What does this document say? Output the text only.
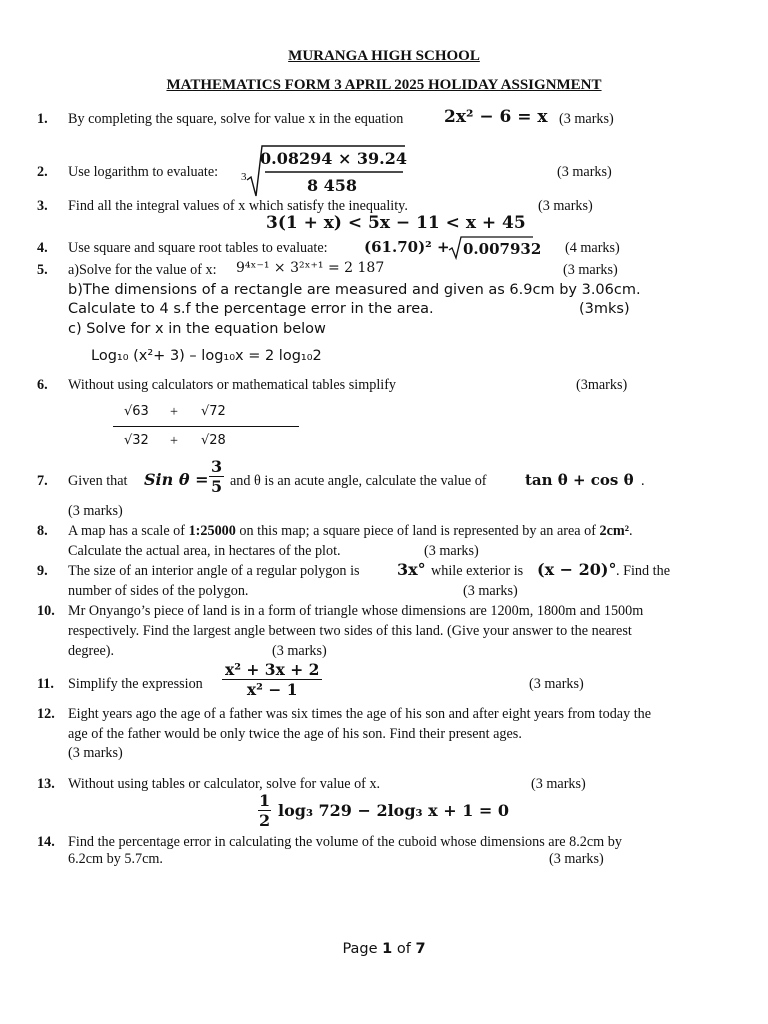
MURANGA HIGH SCHOOL
MATHEMATICS FORM 3 APRIL 2025 HOLIDAY ASSIGNMENT
1. By completing the square, solve for value x in the equation 2x² − 6 = x (3 marks)
2. Use logarithm to evaluate: 3
0.08294 × 39.24
8 458
(3 marks)
3. Find all the integral values of x which satisfy the inequality.	(3 marks)
3(1 + x) < 5x − 11 < x + 45
4. Use square and square root tables to evaluate: (61.70)² + 0.007932 (4 marks)
5. a)Solve for the value of x: 9⁴ˣ⁻¹ × 3²ˣ⁺¹ = 2 187	(3 marks)
b)The dimensions of a rectangle are measured and given as 6.9cm by 3.06cm.
Calculate to 4 s.f the percentage error in the area.	(3mks)
c) Solve for x in the equation below
Log₁₀ (x²+ 3) – log₁₀x = 2 log₁₀2
6. Without using calculators or mathematical tables simplify	(3marks)
√63 + √72
√32 + √28
7. Given that Sin $\theta = \frac{3}{5}$ and θ is an acute angle, calculate the value of	tan θ + cos θ .
(3 marks)
8. A map has a scale of 1:25000 on this map; a square piece of land is represented by an area of 2cm².
Calculate the actual area, in hectares of the plot.	(3 marks)
9. The size of an interior angle of a regular polygon is 3x° while exterior is (x − 20)° . Find the
number of sides of the polygon.	(3 marks)
10. Mr Onyango’s piece of land is in a form of triangle whose dimensions are 1200m, 1800m and 1500m
respectively. Find the largest angle between two sides of this land. (Give your answer to the nearest
degree).	(3 marks)
11. Simplify the expression $\frac{\text{x² + 3x + 2}}{\text{x² − 1}}$	(3 marks)
12. Eight years ago the age of a father was six times the age of his son and after eight years from today the
age of the father would be only twice the age of his son. Find their present ages.
(3 marks)
13. Without using tables or calculator, solve for value of x.	(3 marks)
$\frac{1}{2} \log_3$ 729 − 2log₃ x + 1 = 0
14. Find the percentage error in calculating the volume of the cuboid whose dimensions are 8.2cm by
6.2cm by 5.7cm.	(3 marks)
Page 1 of 7
